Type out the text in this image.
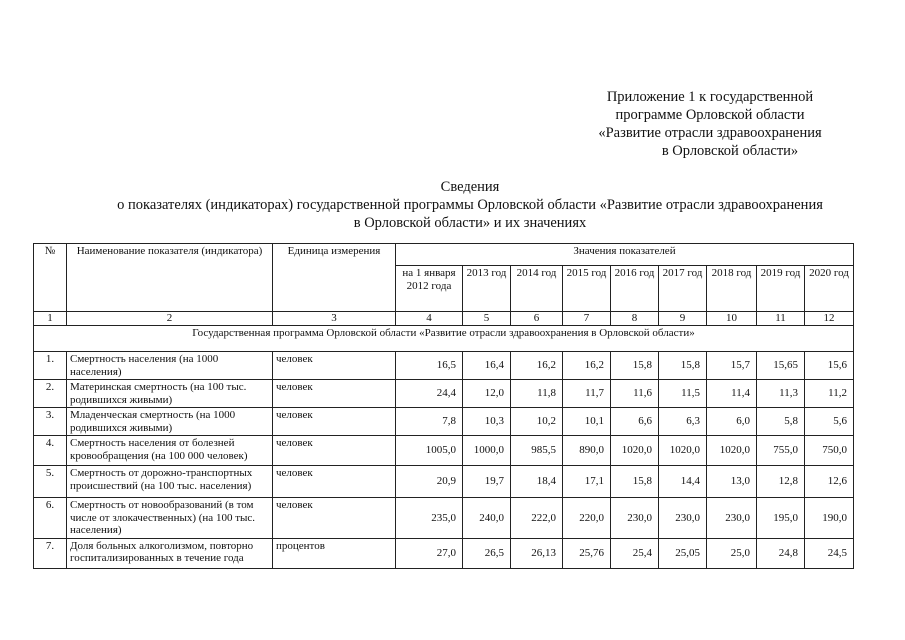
Приложение 1 к государственной
программе Орловской области
«Развитие отрасли здравоохранения
в Орловской области»
Сведения
о показателях (индикаторах) государственной программы Орловской области «Развитие отрасли здравоохранения
в Орловской области» и их значениях
№	Наименование показателя (индикатора)	Единица измерения	Значения показателей								
			на 1 января 2012 года	2013 год	2014 год	2015 год	2016 год	2017 год	2018 год	2019 год	2020 год
1	2	3	4	5	6	7	8	9	10	11	12
Государственная программа Орловской области «Развитие отрасли здравоохранения в Орловской области»											
1.	Смертность населения (на 1000 населения)	человек	16,5	16,4	16,2	16,2	15,8	15,8	15,7	15,65	15,6
2.	Материнская смертность (на 100 тыс. родившихся живыми)	человек	24,4	12,0	11,8	11,7	11,6	11,5	11,4	11,3	11,2
3.	Младенческая смертность (на 1000 родившихся живыми)	человек	7,8	10,3	10,2	10,1	6,6	6,3	6,0	5,8	5,6
4.	Смертность населения от болезней кровообращения (на 100 000 человек)	человек	1005,0	1000,0	985,5	890,0	1020,0	1020,0	1020,0	755,0	750,0
5.	Смертность от дорожно-транспортных происшествий (на 100 тыс. населения)	человек	20,9	19,7	18,4	17,1	15,8	14,4	13,0	12,8	12,6
6.	Смертность от новообразований (в том числе от злокачественных) (на 100 тыс. населения)	человек	235,0	240,0	222,0	220,0	230,0	230,0	230,0	195,0	190,0
7.	Доля больных алкоголизмом, повторно госпитализированных в течение года	процентов	27,0	26,5	26,13	25,76	25,4	25,05	25,0	24,8	24,5
